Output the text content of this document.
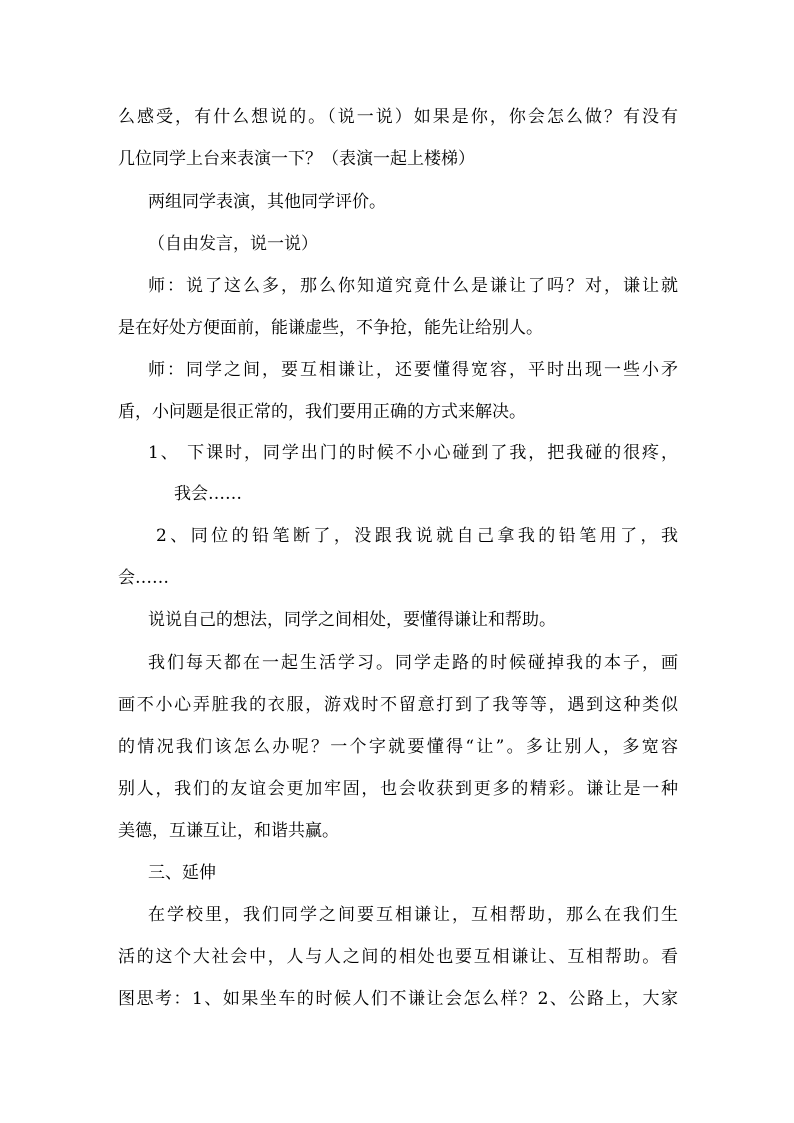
么感受，有什么想说的。（说一说）如果是你，你会怎么做？有没有
几位同学上台来表演一下？（表演一起上楼梯）
两组同学表演，其他同学评价。
（自由发言，说一说）
师：说了这么多，那么你知道究竟什么是谦让了吗？对，谦让就
是在好处方便面前，能谦虚些，不争抢，能先让给别人。
师：同学之间，要互相谦让，还要懂得宽容，平时出现一些小矛
盾，小问题是很正常的，我们要用正确的方式来解决。
1、 下课时，同学出门的时候不小心碰到了我，把我碰的很疼，
我会……
2、同位的铅笔断了，没跟我说就自己拿我的铅笔用了，我
会……
说说自己的想法，同学之间相处，要懂得谦让和帮助。
我们每天都在一起生活学习。同学走路的时候碰掉我的本子，画
画不小心弄脏我的衣服，游戏时不留意打到了我等等，遇到这种类似
的情况我们该怎么办呢？一个字就要懂得“让”。多让别人，多宽容
别人，我们的友谊会更加牢固，也会收获到更多的精彩。谦让是一种
美德，互谦互让，和谐共赢。
三、延伸
在学校里，我们同学之间要互相谦让，互相帮助，那么在我们生
活的这个大社会中，人与人之间的相处也要互相谦让、互相帮助。看
图思考：1、如果坐车的时候人们不谦让会怎么样？2、公路上，大家
